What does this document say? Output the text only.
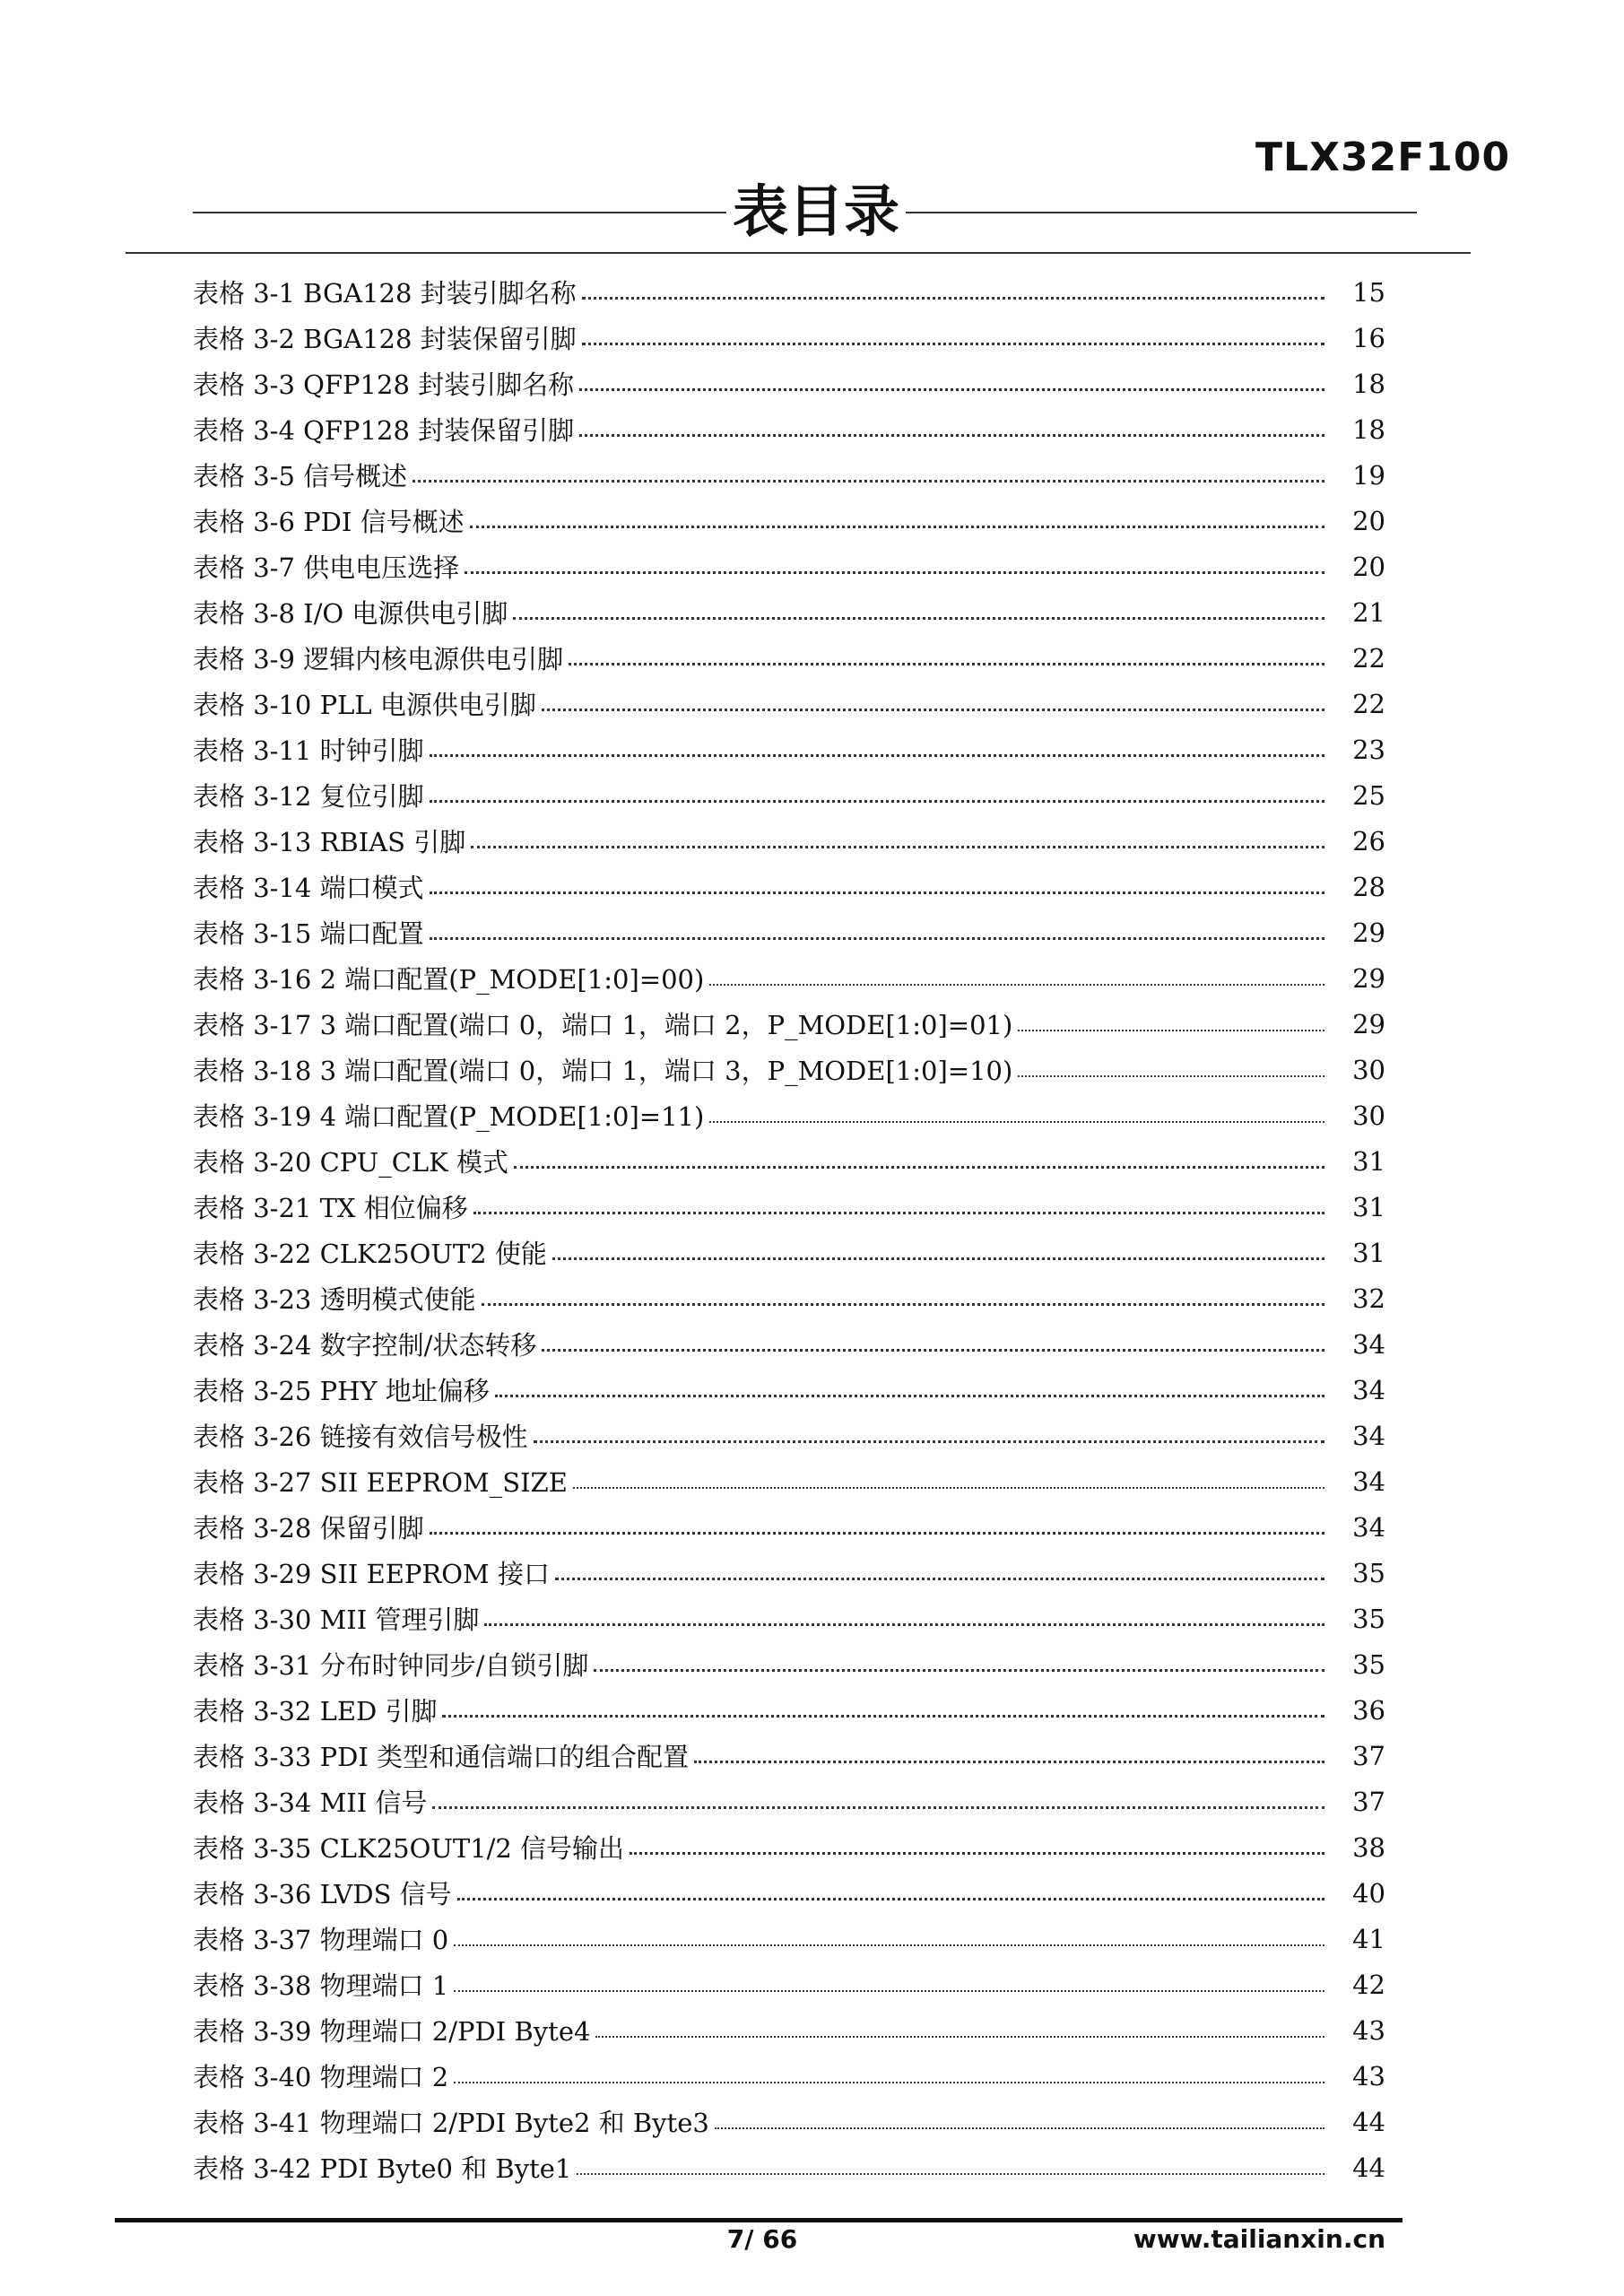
TLX32F100
表目录
表格 3-1 BGA128 封装引脚名称	15
表格 3-2 BGA128 封装保留引脚	16
表格 3-3 QFP128 封装引脚名称	18
表格 3-4 QFP128 封装保留引脚	18
表格 3-5 信号概述	19
表格 3-6 PDI 信号概述	20
表格 3-7 供电电压选择	20
表格 3-8 I/O 电源供电引脚	21
表格 3-9 逻辑内核电源供电引脚	22
表格 3-10 PLL 电源供电引脚	22
表格 3-11 时钟引脚	23
表格 3-12 复位引脚	25
表格 3-13 RBIAS 引脚	26
表格 3-14 端口模式	28
表格 3-15 端口配置	29
表格 3-16 2 端口配置(P_MODE[1:0]=00)	29
表格 3-17 3 端口配置(端口 0，端口 1，端口 2，P_MODE[1:0]=01)	29
表格 3-18 3 端口配置(端口 0，端口 1，端口 3，P_MODE[1:0]=10)	30
表格 3-19 4 端口配置(P_MODE[1:0]=11)	30
表格 3-20 CPU_CLK 模式	31
表格 3-21 TX 相位偏移	31
表格 3-22 CLK25OUT2 使能	31
表格 3-23 透明模式使能	32
表格 3-24 数字控制/状态转移	34
表格 3-25 PHY 地址偏移	34
表格 3-26 链接有效信号极性	34
表格 3-27 SII EEPROM_SIZE	34
表格 3-28 保留引脚	34
表格 3-29 SII EEPROM 接口	35
表格 3-30 MII 管理引脚	35
表格 3-31 分布时钟同步/自锁引脚	35
表格 3-32 LED 引脚	36
表格 3-33 PDI 类型和通信端口的组合配置	37
表格 3-34 MII 信号	37
表格 3-35 CLK25OUT1/2 信号输出	38
表格 3-36 LVDS 信号	40
表格 3-37 物理端口 0	41
表格 3-38 物理端口 1	42
表格 3-39 物理端口 2/PDI Byte4	43
表格 3-40 物理端口 2	43
表格 3-41 物理端口 2/PDI Byte2 和 Byte3	44
表格 3-42 PDI Byte0 和 Byte1	44
7/ 66	www.tailianxin.cn
